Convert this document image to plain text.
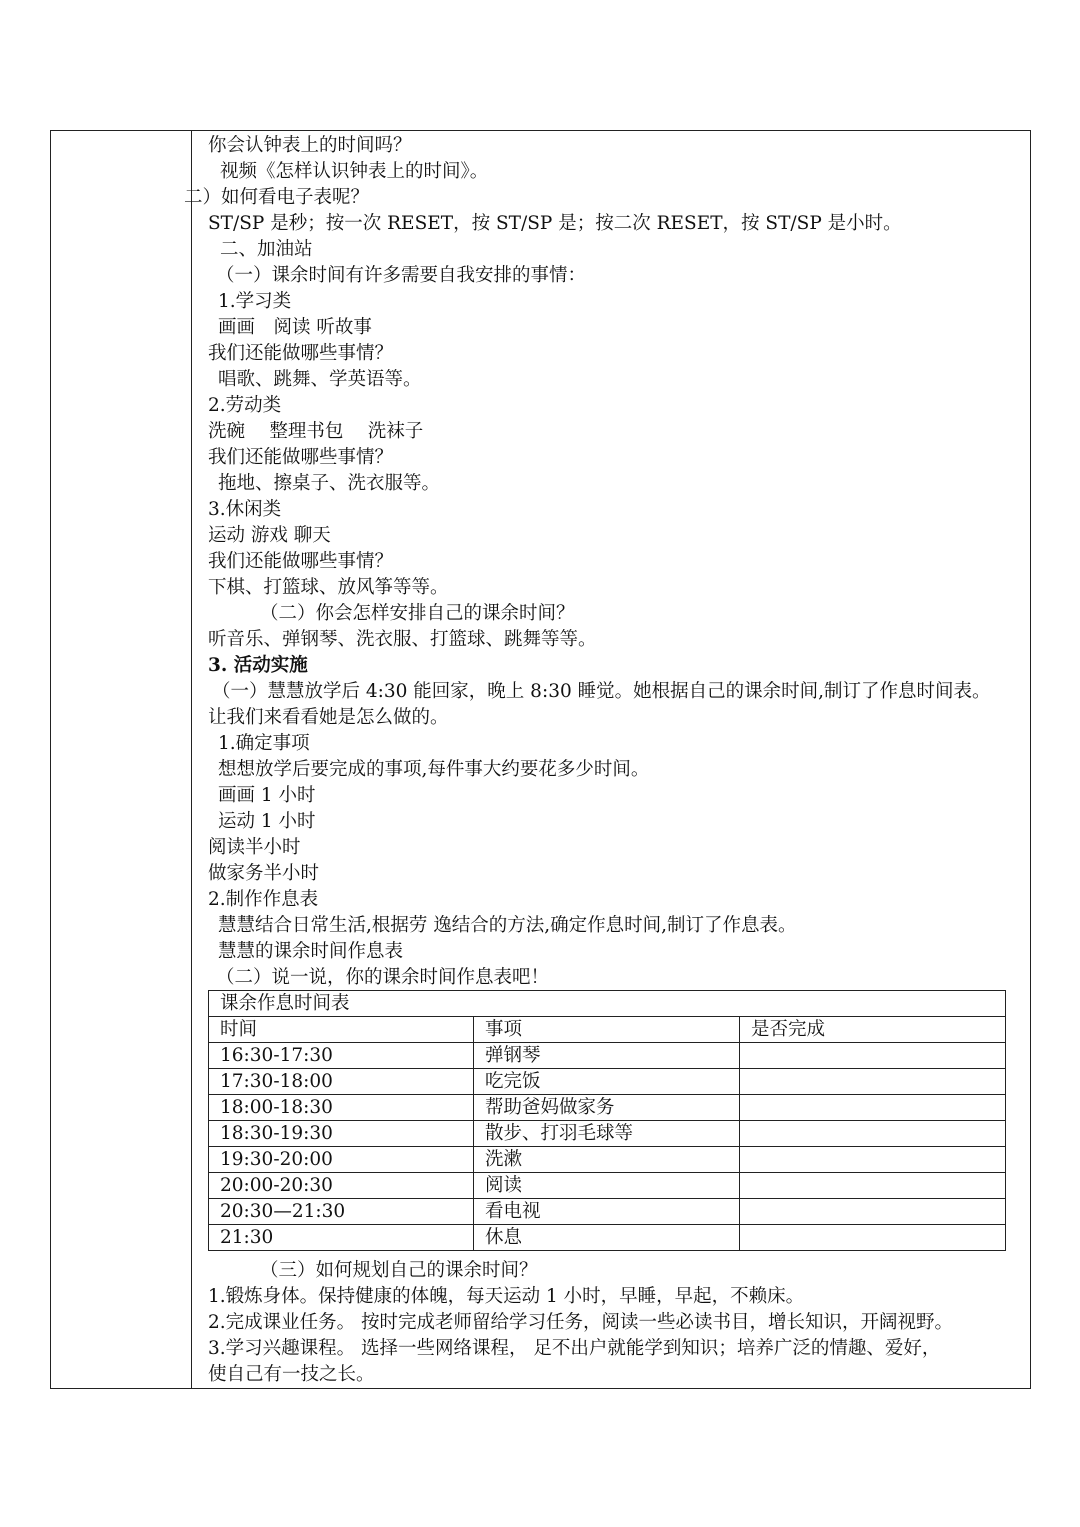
你会认钟表上的时间吗？
视频《怎样认识钟表上的时间》。
二）如何看电子表呢？
ST/SP 是秒；按一次 RESET，按 ST/SP 是；按二次 RESET，按 ST/SP 是小时。
二、加油站
（一）课余时间有许多需要自我安排的事情：
1.学习类
画画　阅读 听故事
我们还能做哪些事情？
唱歌、跳舞、学英语等。
2.劳动类
洗碗　 整理书包　 洗袜子
我们还能做哪些事情？
拖地、擦桌子、洗衣服等。
3.休闲类
运动 游戏 聊天
我们还能做哪些事情？
下棋、打篮球、放风筝等等。
（二）你会怎样安排自己的课余时间？
听音乐、弹钢琴、洗衣服、打篮球、跳舞等等。
3. 活动实施
（一）慧慧放学后 4:30 能回家，晚上 8:30 睡觉。她根据自己的课余时间,制订了作息时间表。
让我们来看看她是怎么做的。
1.确定事项
想想放学后要完成的事项,每件事大约要花多少时间。
画画 1 小时
运动 1 小时
阅读半小时
做家务半小时
2.制作作息表
慧慧结合日常生活,根据劳 逸结合的方法,确定作息时间,制订了作息表。
慧慧的课余时间作息表
（二）说一说，你的课余时间作息表吧！
课余作息时间表		
时间	事项	是否完成
16:30-17:30	弹钢琴	
17:30-18:00	吃完饭	
18:00-18:30	帮助爸妈做家务	
18:30-19:30	散步、打羽毛球等	
19:30-20:00	洗漱	
20:00-20:30	阅读	
20:30—21:30	看电视	
21:30	休息	
（三）如何规划自己的课余时间？
1.锻炼身体。保持健康的体魄，每天运动 1 小时，早睡，早起，不赖床。
2.完成课业任务。 按时完成老师留给学习任务，阅读一些必读书目，增长知识，开阔视野。
3.学习兴趣课程。 选择一些网络课程， 足不出户就能学到知识；培养广泛的情趣、爱好，
使自己有一技之长。
